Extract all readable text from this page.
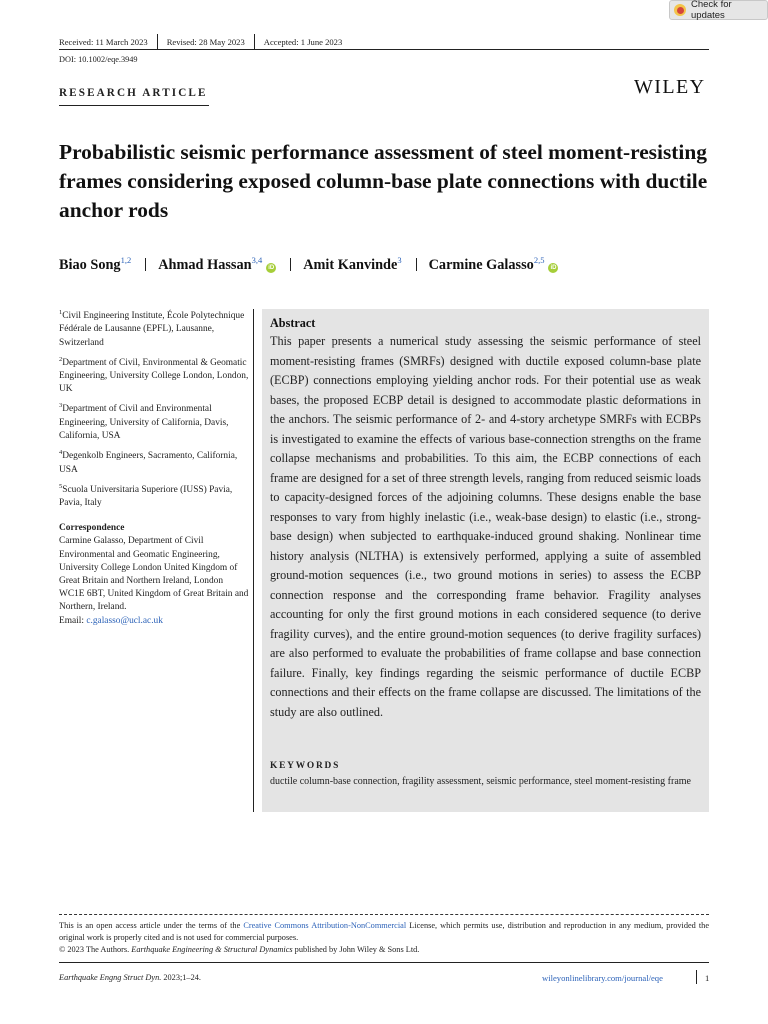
Check for updates
Received: 11 March 2023 Revised: 28 May 2023 Accepted: 1 June 2023
DOI: 10.1002/eqe.3949
RESEARCH ARTICLE	WILEY
Probabilistic seismic performance assessment of steel moment-resisting frames considering exposed column-base plate connections with ductile anchor rods
Biao Song$^{1,2}$ Ahmad Hassan$^{3,4}$iD Amit Kanvinde$^3$ Carmine Galasso$^{2,5}$iD
$^1$Civil Engineering Institute, École Polytechnique Fédérale de Lausanne (EPFL), Lausanne, Switzerland
$^2$Department of Civil, Environmental & Geomatic Engineering, University College London, London, UK
$^3$Department of Civil and Environmental Engineering, University of California, Davis, California, USA
$^4$Degenkolb Engineers, Sacramento, California, USA
$^5$Scuola Universitaria Superiore (IUSS) Pavia, Pavia, Italy
Correspondence
Carmine Galasso, Department of Civil Environmental and Geomatic Engineering, University College London United Kingdom of Great Britain and Northern Ireland, London WC1E 6BT, United Kingdom of Great Britain and Northern, Ireland.
Email: c.galasso@ucl.ac.uk
Abstract
This paper presents a numerical study assessing the seismic performance of steel moment-resisting frames (SMRFs) designed with ductile exposed column-base plate (ECBP) connections employing yielding anchor rods. For their potential use as weak bases, the proposed ECBP detail is designed to accommodate plastic deformations in the anchors. The seismic performance of 2- and 4-story archetype SMRFs with ECBPs is investigated to examine the effects of various base-connection strengths on the frame collapse mechanisms and probabilities. To this aim, the ECBP connections of each frame are designed for a set of three strength levels, ranging from reduced seismic loads to capacity-designed forces of the adjoining columns. These designs enable the base responses to vary from highly inelastic (i.e., weak-base design) to elastic (i.e., strong-base design) when subjected to earthquake-induced ground shaking. Nonlinear time history analysis (NLTHA) is extensively performed, applying a suite of assembled ground-motion sequences (i.e., two ground motions in series) to assess the ECBP connection response and the corresponding frame behavior. Fragility analyses accounting for only the first ground motions in each considered sequence (to derive fragility curves), and the entire ground-motion sequences (to derive fragility surfaces) are also performed to evaluate the probabilities of frame collapse and base connection failure. Finally, key findings regarding the seismic performance of ductile ECBP connections and their effects on the frame collapse are discussed. The limitations of the study are also outlined.
KEYWORDS
ductile column-base connection, fragility assessment, seismic performance, steel moment-resisting frame
This is an open access article under the terms of the Creative Commons Attribution-NonCommercial License, which permits use, distribution and reproduction in any medium, provided the original work is properly cited and is not used for commercial purposes.
© 2023 The Authors. Earthquake Engineering & Structural Dynamics published by John Wiley & Sons Ltd.
Earthquake Engng Struct Dyn. 2023;1–24.	wileyonlinelibrary.com/journal/eqe	1
